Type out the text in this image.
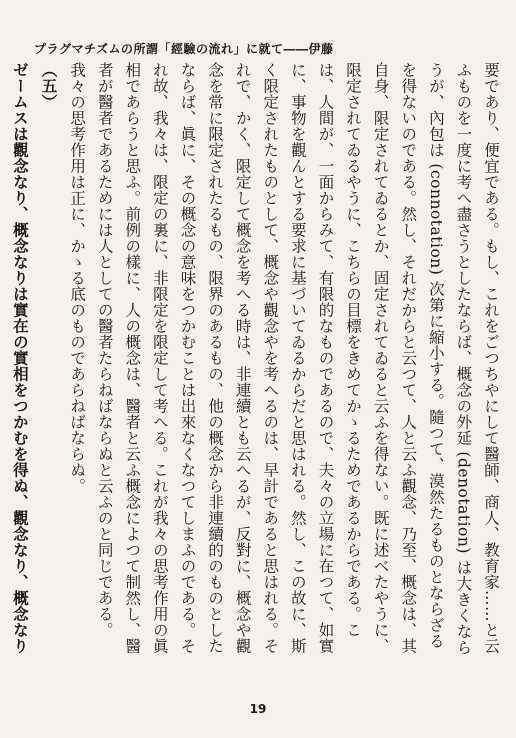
プラグマチズムの所謂「經驗の流れ」に就て――伊藤
要であり、便宜である。もし、これをごつちやにして醫師、商人、教育家……と云ふものを一度に考へ盡さうとしたならば、概念の外延 (denotation) は大きくならうが、內包は (connotation) 次第に縮小する。隨つて、漠然たるものとならざるを得ないのである。然し、それだからと云つて、人と云ふ觀念、乃至、概念は、其自身、限定されてゐるとか、固定されてゐると云ふを得ない。既に述べたやうに、限定されてゐるやうに、こちらの目標をきめてかゝるためであるからである。こは、人間が、一面からみて、有限的なものであるので、夫々の立場に在つて、如實に、事物を觀んとする要求に基づいてゐるからだと思はれる。然し、この故に、斯く限定されたものとして、概念や觀念やを考へるのは、早計であると思はれる。それで、かく、限定して概念を考へる時は、非連續とも云へるが、反對に、概念や觀念を常に限定されたるもの、限界のあるもの、他の概念から非連續的のものとしたならば、眞に、その概念の意味をつかむことは出來なくなつてしまふのである。それ故、我々は、限定の裏に、非限定を限定して考へる。これが我々の思考作用の眞相であらうと思ふ。前例の樣に、人の概念は、醫者と云ふ概念によつて制然し、醫者が醫者であるためには人としての醫者たらねばならぬと云ふのと同じである。我々の思考作用は正に、かゝる底のものであらねばならぬ。
（五）
ゼームスは觀念なり、概念なりは實在の實相をつかむを得ぬ、觀念なり、概念なり
19
